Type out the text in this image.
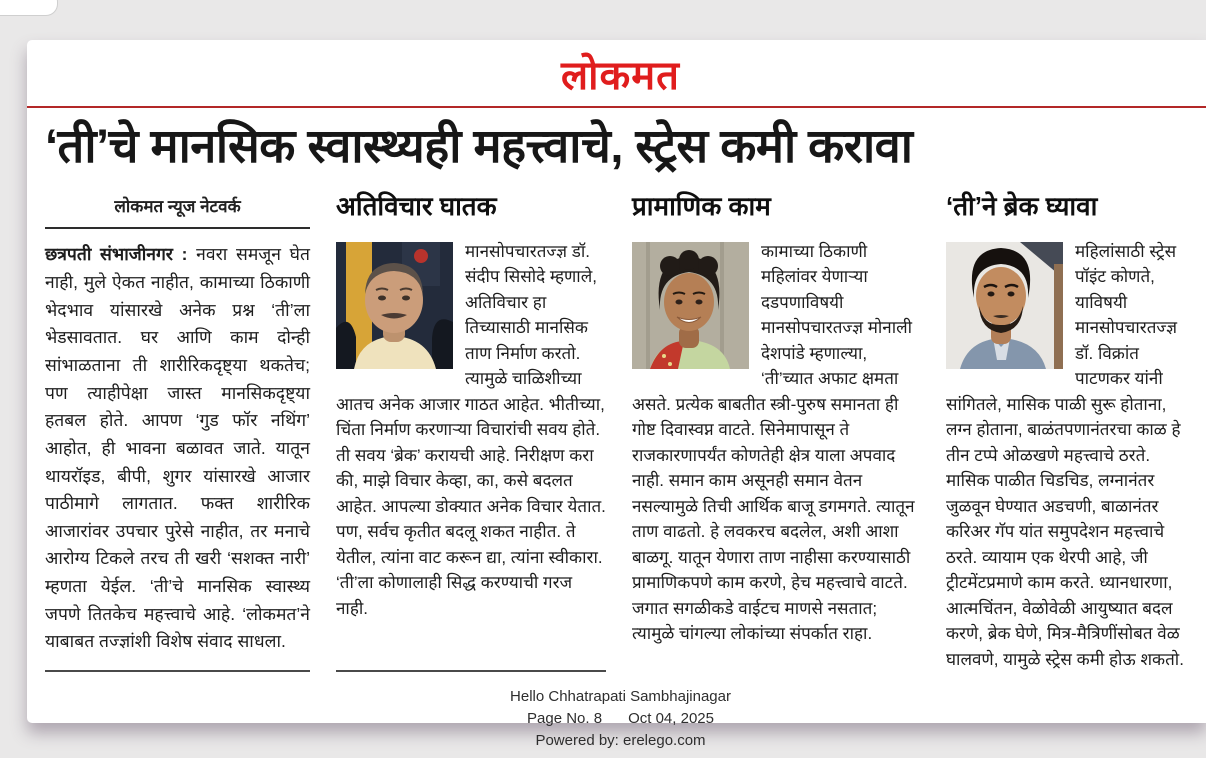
लोकमत
‘ती’चे मानसिक स्वास्थ्यही महत्त्वाचे, स्ट्रेस कमी करावा
लोकमत न्यूज नेटवर्क

छत्रपती संभाजीनगर : नवरा समजून घेत नाही, मुले ऐकत नाहीत, कामाच्या ठिकाणी भेदभाव यांसारखे अनेक प्रश्न ‘ती’ला भेडसावतात. घर आणि काम दोन्ही सांभाळताना ती शारीरिकदृष्ट्या थकतेच; पण त्याहीपेक्षा जास्त मानसिकदृष्ट्या हतबल होते. आपण ‘गुड फॉर नथिंग’ आहोत, ही भावना बळावत जाते. यातून थायरॉइड, बीपी, शुगर यांसारखे आजार पाठीमागे लागतात. फक्त शारीरिक आजारांवर उपचार पुरेसे नाहीत, तर मनाचे आरोग्य टिकले तरच ती खरी ‘सशक्त नारी’ म्हणता येईल. ‘ती’चे मानसिक स्वास्थ्य जपणे तितकेच महत्त्वाचे आहे. ‘लोकमत’ने याबाबत तज्ज्ञांशी विशेष संवाद साधला.

अतिविचार घातक

मानसोपचारतज्ज्ञ डॉ. संदीप सिसोदे म्हणाले, अतिविचार हा तिच्यासाठी मानसिक ताण निर्माण करतो. त्यामुळे चाळिशीच्या आतच अनेक आजार गाठत आहेत. भीतीच्या, चिंता निर्माण करणाऱ्या विचारांची सवय होते. ती सवय ‘ब्रेक’ करायची आहे. निरीक्षण करा की, माझे विचार केव्हा, का, कसे बदलत आहेत. आपल्या डोक्यात अनेक विचार येतात. पण, सर्वच कृतीत बदलू शकत नाहीत. ते येतील, त्यांना वाट करून द्या, त्यांना स्वीकारा. ‘ती’ला कोणालाही सिद्ध करण्याची गरज नाही.

प्रामाणिक काम

कामाच्या ठिकाणी महिलांवर येणाऱ्या दडपणाविषयी मानसोपचारतज्ज्ञ मोनाली देशपांडे म्हणाल्या, ‘ती’च्यात अफाट क्षमता असते. प्रत्येक बाबतीत स्त्री-पुरुष समानता ही गोष्ट दिवास्वप्न वाटते. सिनेमापासून ते राजकारणापर्यंत कोणतेही क्षेत्र याला अपवाद नाही. समान काम असूनही समान वेतन नसल्यामुळे तिची आर्थिक बाजू डगमगते. त्यातून ताण वाढतो. हे लवकरच बदलेल, अशी आशा बाळगू. यातून येणारा ताण नाहीसा करण्यासाठी प्रामाणिकपणे काम करणे, हेच महत्त्वाचे वाटते. जगात सगळीकडे वाईटच माणसे नसतात; त्यामुळे चांगल्या लोकांच्या संपर्कात राहा.

‘ती’ने ब्रेक घ्यावा

महिलांसाठी स्ट्रेस पॉइंट कोणते, याविषयी मानसोपचारतज्ज्ञ डॉ. विक्रांत पाटणकर यांनी सांगितले, मासिक पाळी सुरू होताना, लग्न होताना, बाळंतपणानंतरचा काळ हे तीन टप्पे ओळखणे महत्त्वाचे ठरते. मासिक पाळीत चिडचिड, लग्नानंतर जुळवून घेण्यात अडचणी, बाळानंतर करिअर गॅप यांत समुपदेशन महत्त्वाचे ठरते. व्यायाम एक थेरपी आहे, जी ट्रीटमेंटप्रमाणे काम करते. ध्यानधारणा, आत्मचिंतन, वेळोवेळी आयुष्यात बदल करणे, ब्रेक घेणे, मित्र-मैत्रिणींसोबत वेळ घालवणे, यामुळे स्ट्रेस कमी होऊ शकतो.

Hello Chhatrapati Sambhajinagar
Page No. 8 Oct 04, 2025
Powered by: erelego.com
